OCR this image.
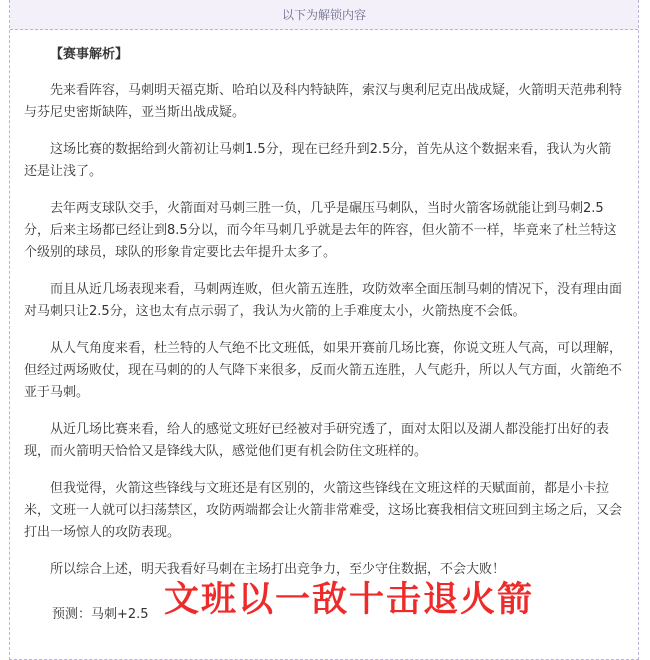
以下为解锁内容

【赛事解析】

先来看阵容，马刺明天福克斯、哈珀以及科内特缺阵，索汉与奥利尼克出战成疑，火箭明天范弗利特与芬尼史密斯缺阵，亚当斯出战成疑。

这场比赛的数据给到火箭初让马刺1.5分，现在已经升到2.5分，首先从这个数据来看，我认为火箭还是让浅了。

去年两支球队交手，火箭面对马刺三胜一负，几乎是碾压马刺队，当时火箭客场就能让到马刺2.5分，后来主场都已经让到8.5分以，而今年马刺几乎就是去年的阵容，但火箭不一样，毕竟来了杜兰特这个级别的球员，球队的形象肯定要比去年提升太多了。

而且从近几场表现来看，马刺两连败，但火箭五连胜，攻防效率全面压制马刺的情况下，没有理由面对马刺只让2.5分，这也太有点示弱了，我认为火箭的上手难度太小，火箭热度不会低。

从人气角度来看，杜兰特的人气绝不比文班低，如果开赛前几场比赛，你说文班人气高，可以理解，但经过两场败仗，现在马刺的的人气降下来很多，反而火箭五连胜，人气彪升，所以人气方面，火箭绝不亚于马刺。

从近几场比赛来看，给人的感觉文班好已经被对手研究透了，面对太阳以及湖人都没能打出好的表现，而火箭明天恰恰又是锋线大队，感觉他们更有机会防住文班样的。

但我觉得，火箭这些锋线与文班还是有区别的，火箭这些锋线在文班这样的天赋面前，都是小卡拉米，文班一人就可以扫荡禁区，攻防两端都会让火箭非常难受，这场比赛我相信文班回到主场之后，又会打出一场惊人的攻防表现。

所以综合上述，明天我看好马刺在主场打出竞争力，至少守住数据，不会大败！

预测：马刺+2.5 文班以一敌十击退火箭
